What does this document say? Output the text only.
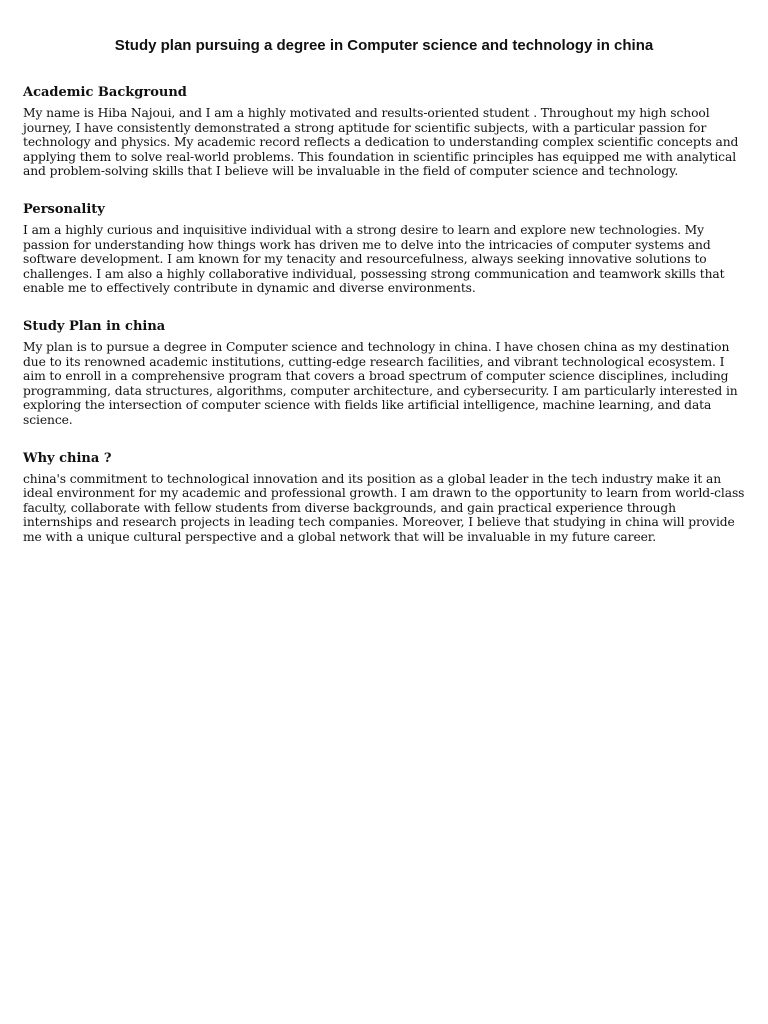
Study plan pursuing a degree in Computer science and technology in china
Academic Background

My name is Hiba Najoui, and I am a highly motivated and results-oriented student . Throughout my high school journey, I have consistently demonstrated a strong aptitude for scientific subjects, with a particular passion for technology and physics. My academic record reflects a dedication to understanding complex scientific concepts and applying them to solve real-world problems. This foundation in scientific principles has equipped me with analytical and problem-solving skills that I believe will be invaluable in the field of computer science and technology.

Personality

I am a highly curious and inquisitive individual with a strong desire to learn and explore new technologies. My passion for understanding how things work has driven me to delve into the intricacies of computer systems and software development. I am known for my tenacity and resourcefulness, always seeking innovative solutions to challenges. I am also a highly collaborative individual, possessing strong communication and teamwork skills that enable me to effectively contribute in dynamic and diverse environments.

Study Plan in china

My plan is to pursue a degree in Computer science and technology in china. I have chosen china as my destination due to its renowned academic institutions, cutting-edge research facilities, and vibrant technological ecosystem. I aim to enroll in a comprehensive program that covers a broad spectrum of computer science disciplines, including programming, data structures, algorithms, computer architecture, and cybersecurity. I am particularly interested in exploring the intersection of computer science with fields like artificial intelligence, machine learning, and data science.

Why china ?

china's commitment to technological innovation and its position as a global leader in the tech industry make it an ideal environment for my academic and professional growth. I am drawn to the opportunity to learn from world-class faculty, collaborate with fellow students from diverse backgrounds, and gain practical experience through internships and research projects in leading tech companies. Moreover, I believe that studying in china will provide me with a unique cultural perspective and a global network that will be invaluable in my future career.
